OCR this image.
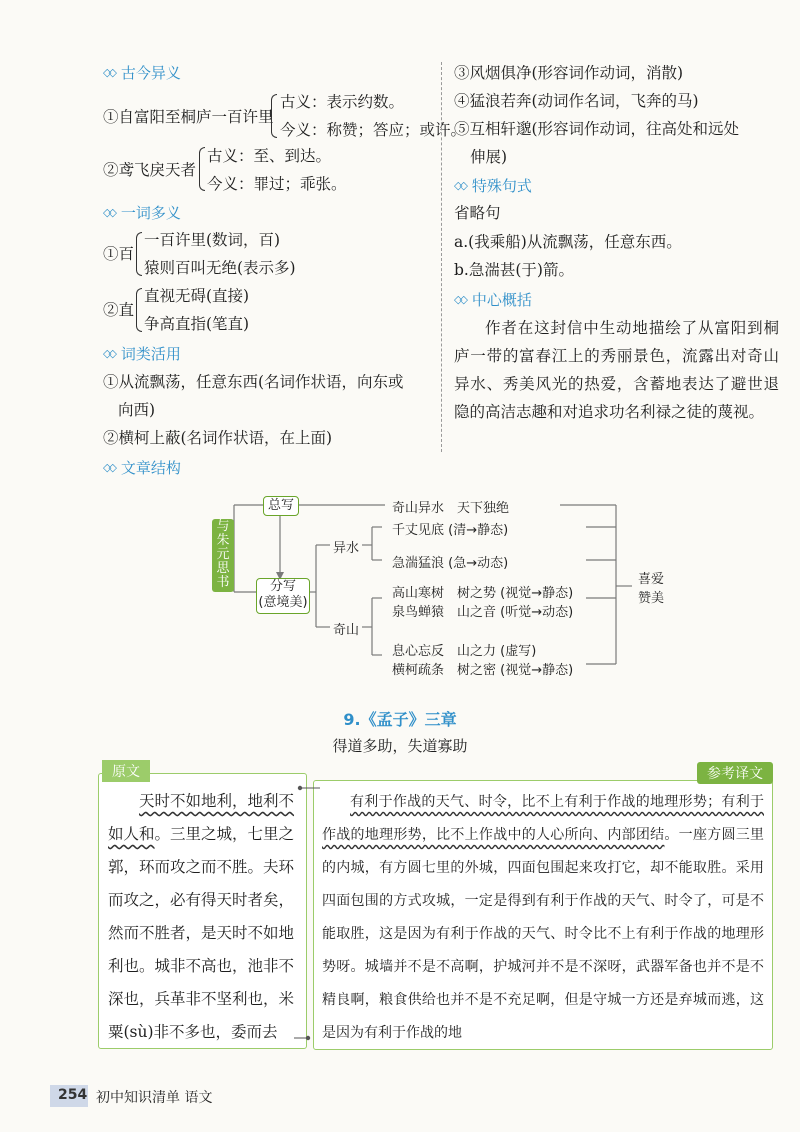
◇◇ 古今异义
①自富阳至桐庐一百许里
古义：表示约数。
今义：称赞；答应；或许。
②鸢飞戾天者
古义：至、到达。
今义：罪过；乖张。
◇◇ 一词多义
①百
一百许里(数词，百)
猿则百叫无绝(表示多)
②直
直视无碍(直接)
争高直指(笔直)
◇◇ 词类活用
①从流飘荡，任意东西(名词作状语，向东或
向西)
②横柯上蔽(名词作状语，在上面)
◇◇ 文章结构
③风烟俱净(形容词作动词，消散)
④猛浪若奔(动词作名词，飞奔的马)
⑤互相轩邈(形容词作动词，往高处和远处
伸展)
◇◇ 特殊句式
省略句
a.(我乘船)从流飘荡，任意东西。
b.急湍甚(于)箭。
◇◇ 中心概括
作者在这封信中生动地描绘了从富阳到桐庐一带的富春江上的秀丽景色，流露出对奇山异水、秀美风光的热爱，含蓄地表达了避世退隐的高洁志趣和对追求功名利禄之徒的蔑视。
与朱元思书
总写	奇山异水　天下独绝
分写
(意境美)
异水
奇山
千丈见底 (清→静态)
急湍猛浪 (急→动态)
高山寒树　树之势 (视觉→静态)
泉鸟蝉猿　山之音 (听觉→动态)
息心忘反　山之力 (虚写)
横柯疏条　树之密 (视觉→静态)
喜爱
赞美
9.《孟子》三章
得道多助，失道寡助
原文
天时不如地利，地利不如人和。三里之城，七里之郭，环而攻之而不胜。夫环而攻之，必有得天时者矣，然而不胜者，是天时不如地利也。城非不高也，池非不深也，兵革非不坚利也，米粟(sù)非不多也，委而去
参考译文
有利于作战的天气、时令，比不上有利于作战的地理形势；有利于作战的地理形势，比不上作战中的人心所向、内部团结。一座方圆三里的内城，有方圆七里的外城，四面包围起来攻打它，却不能取胜。采用四面包围的方式攻城，一定是得到有利于作战的天气、时令了，可是不能取胜，这是因为有利于作战的天气、时令比不上有利于作战的地理形势呀。城墙并不是不高啊，护城河并不是不深呀，武器军备也并不是不精良啊，粮食供给也并不是不充足啊，但是守城一方还是弃城而逃，这是因为有利于作战的地
254 初中知识清单 语文
